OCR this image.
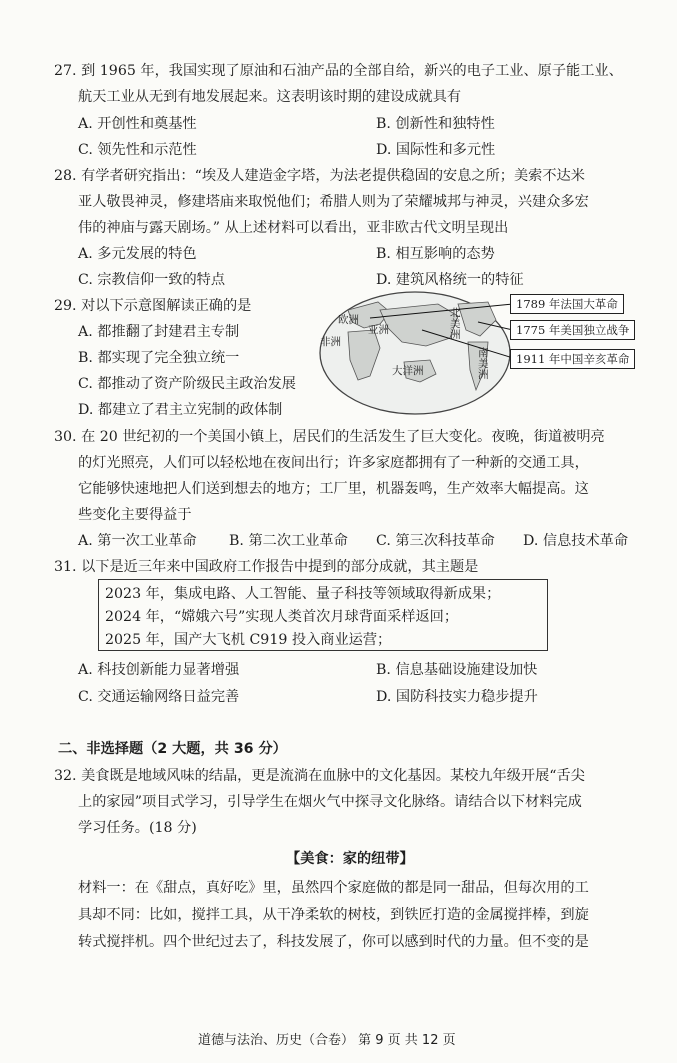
27. 到 1965 年，我国实现了原油和石油产品的全部自给，新兴的电子工业、原子能工业、
航天工业从无到有地发展起来。这表明该时期的建设成就具有
A. 开创性和奠基性	B. 创新性和独特性
C. 领先性和示范性	D. 国际性和多元性
28. 有学者研究指出：“埃及人建造金字塔，为法老提供稳固的安息之所；美索不达米
亚人敬畏神灵，修建塔庙来取悦他们；希腊人则为了荣耀城邦与神灵，兴建众多宏
伟的神庙与露天剧场。” 从上述材料可以看出，亚非欧古代文明呈现出
A. 多元发展的特色	B. 相互影响的态势
C. 宗教信仰一致的特点	D. 建筑风格统一的特征
29. 对以下示意图解读正确的是
A. 都推翻了封建君主专制
B. 都实现了完全独立统一
C. 都推动了资产阶级民主政治发展
D. 都建立了君主立宪制的政体制
欧洲
亚洲
非洲
大洋洲
北美洲
南美洲
1789 年法国大革命
1775 年美国独立战争
1911 年中国辛亥革命
30. 在 20 世纪初的一个美国小镇上，居民们的生活发生了巨大变化。夜晚，街道被明亮
的灯光照亮，人们可以轻松地在夜间出行；许多家庭都拥有了一种新的交通工具，
它能够快速地把人们送到想去的地方；工厂里，机器轰鸣，生产效率大幅提高。这
些变化主要得益于
A. 第一次工业革命 B. 第二次工业革命 C. 第三次科技革命 D. 信息技术革命
31. 以下是近三年来中国政府工作报告中提到的部分成就，其主题是
2023 年，集成电路、人工智能、量子科技等领域取得新成果；
2024 年，“嫦娥六号”实现人类首次月球背面采样返回；
2025 年，国产大飞机 C919 投入商业运营；
A. 科技创新能力显著增强	B. 信息基础设施建设加快
C. 交通运输网络日益完善	D. 国防科技实力稳步提升
二、非选择题（2 大题，共 36 分）
32. 美食既是地域风味的结晶，更是流淌在血脉中的文化基因。某校九年级开展“舌尖
上的家园”项目式学习，引导学生在烟火气中探寻文化脉络。请结合以下材料完成
学习任务。(18 分)
【美食：家的纽带】
材料一：在《甜点，真好吃》里，虽然四个家庭做的都是同一甜品，但每次用的工
具却不同：比如，搅拌工具，从干净柔软的树枝，到铁匠打造的金属搅拌棒，到旋
转式搅拌机。四个世纪过去了，科技发展了，你可以感到时代的力量。但不变的是
道德与法治、历史（合卷） 第 9 页 共 12 页
